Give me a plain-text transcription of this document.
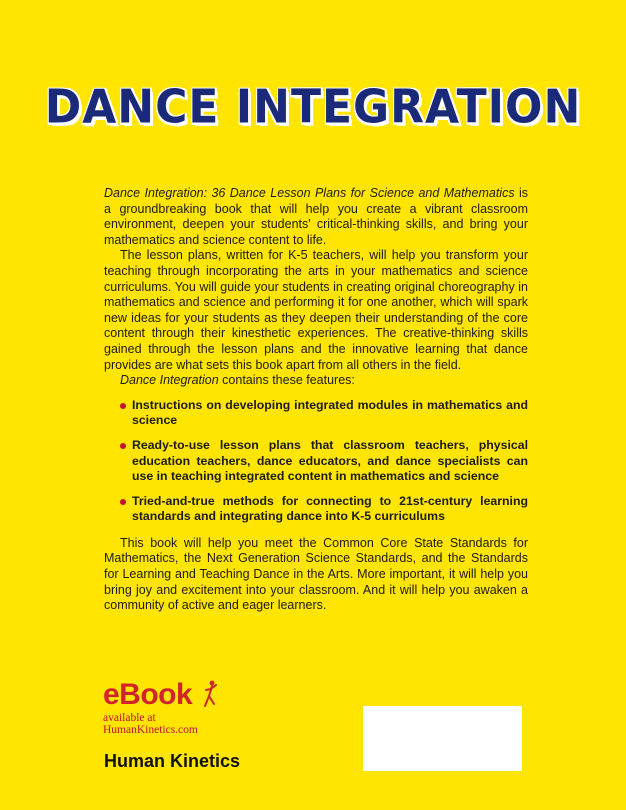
DANCE INTEGRATION

Dance Integration: 36 Dance Lesson Plans for Science and Mathematics is a groundbreaking book that will help you create a vibrant classroom environment, deepen your students' critical-thinking skills, and bring your mathematics and science content to life.

The lesson plans, written for K-5 teachers, will help you transform your teaching through incorporating the arts in your mathematics and science curriculums. You will guide your students in creating original choreography in mathematics and science and performing it for one another, which will spark new ideas for your students as they deepen their understanding of the core content through their kinesthetic experiences. The creative-thinking skills gained through the lesson plans and the innovative learning that dance provides are what sets this book apart from all others in the field.

Dance Integration contains these features:

Instructions on developing integrated modules in mathematics and science
Ready-to-use lesson plans that classroom teachers, physical education teachers, dance educators, and dance specialists can use in teaching integrated content in mathematics and science
Tried-and-true methods for connecting to 21st-century learning standards and integrating dance into K-5 curriculums

This book will help you meet the Common Core State Standards for Mathematics, the Next Generation Science Standards, and the Standards for Learning and Teaching Dance in the Arts. More important, it will help you bring joy and excitement into your classroom. And it will help you awaken a community of active and eager learners.

eBook
available at
HumanKinetics.com
Human Kinetics
